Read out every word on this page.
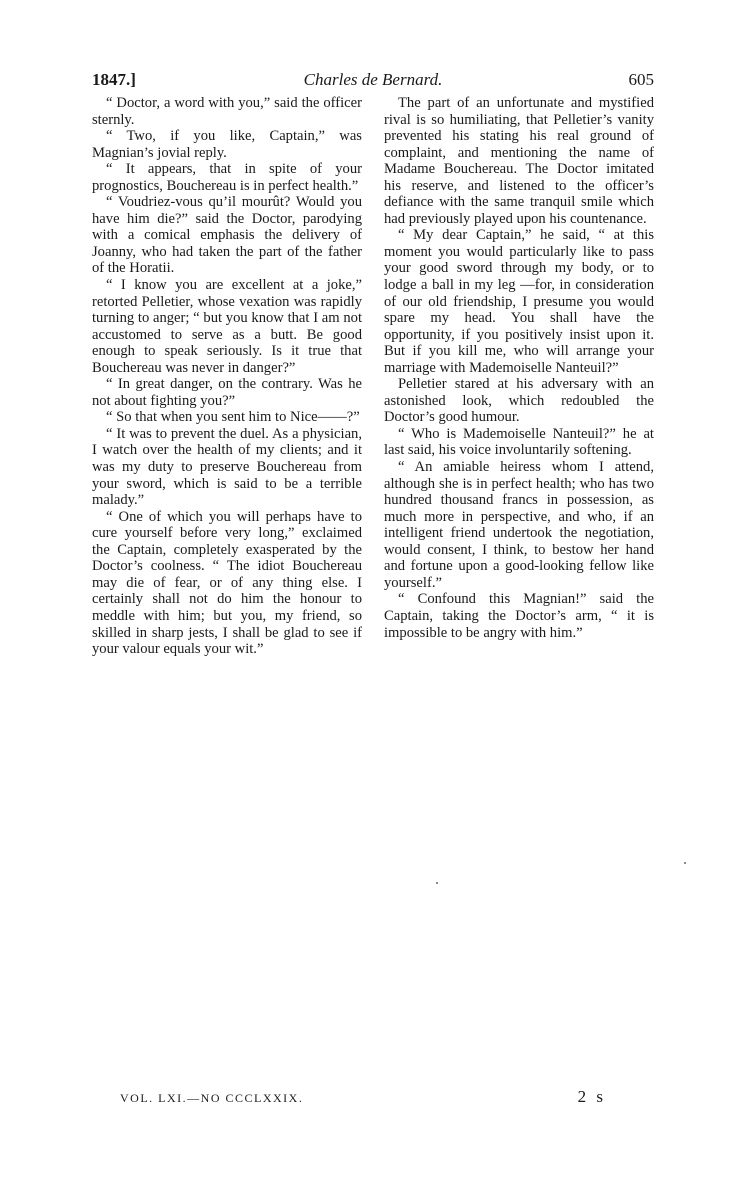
1847.]	Charles de Bernard.	605

“ Doctor, a word with you,” said the officer sternly.

“ Two, if you like, Captain,” was Magnian’s jovial reply.

“ It appears, that in spite of your prognostics, Bouchereau is in perfect health.”

“ Voudriez-vous qu’il mourût? Would you have him die?” said the Doctor, parodying with a comical emphasis the delivery of Joanny, who had taken the part of the father of the Horatii.

“ I know you are excellent at a joke,” retorted Pelletier, whose vexation was rapidly turning to anger; “ but you know that I am not accustomed to serve as a butt. Be good enough to speak seriously. Is it true that Bouchereau was never in danger?”

“ In great danger, on the contrary. Was he not about fighting you?”

“ So that when you sent him to Nice——?”

“ It was to prevent the duel. As a physician, I watch over the health of my clients; and it was my duty to preserve Bouchereau from your sword, which is said to be a terrible malady.”

“ One of which you will perhaps have to cure yourself before very long,” exclaimed the Captain, completely exasperated by the Doctor’s coolness. “ The idiot Bouchereau may die of fear, or of any thing else. I certainly shall not do him the honour to meddle with him; but you, my friend, so skilled in sharp jests, I shall be glad to see if your valour equals your wit.”

The part of an unfortunate and mystified rival is so humiliating, that Pelletier’s vanity prevented his stating his real ground of complaint, and mentioning the name of Madame Bouchereau. The Doctor imitated his reserve, and listened to the officer’s defiance with the same tranquil smile which had previously played upon his countenance.

“ My dear Captain,” he said, “ at this moment you would particularly like to pass your good sword through my body, or to lodge a ball in my leg —for, in consideration of our old friendship, I presume you would spare my head. You shall have the opportunity, if you positively insist upon it. But if you kill me, who will arrange your marriage with Mademoiselle Nanteuil?”

Pelletier stared at his adversary with an astonished look, which redoubled the Doctor’s good humour.

“ Who is Mademoiselle Nanteuil?” he at last said, his voice involuntarily softening.

“ An amiable heiress whom I attend, although she is in perfect health; who has two hundred thousand francs in possession, as much more in perspective, and who, if an intelligent friend undertook the negotiation, would consent, I think, to bestow her hand and fortune upon a good-looking fellow like yourself.”

“ Confound this Magnian!” said the Captain, taking the Doctor’s arm, “ it is impossible to be angry with him.”

VOL. LXI.—NO CCCLXXIX.	2 s
